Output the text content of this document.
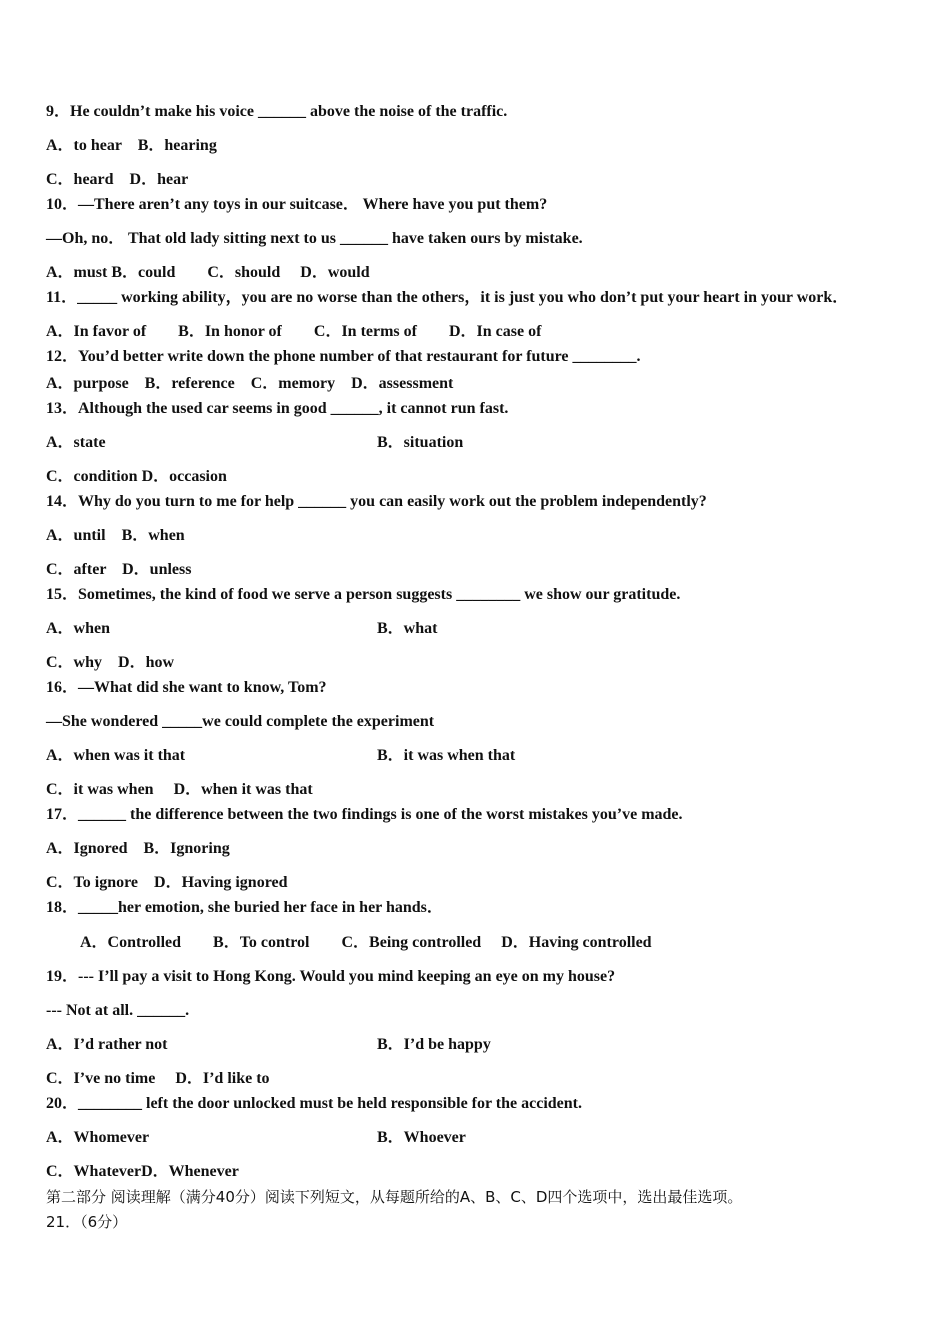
9．He couldn’t make his voice ______ above the noise of the traffic.
A．to hear　B．hearing
C．heard　D．hear
10．—There aren’t any toys in our suitcase． Where have you put them?
—Oh, no． That old lady sitting next to us ______ have taken ours by mistake.
A．must B．could　　C．should　 D．would
11．_____ working ability，you are no worse than the others，it is just you who don’t put your heart in your work．
A．In favor of　　B．In honor of　　C．In terms of　　D．In case of
12．You’d better write down the phone number of that restaurant for future ________.
A．purpose　B．reference　C．memory　D．assessment
13．Although the used car seems in good ______, it cannot run fast.
A．state	B．situation
C．condition D．occasion
14．Why do you turn to me for help ______ you can easily work out the problem independently?
A．until　B．when
C．after　D．unless
15．Sometimes, the kind of food we serve a person suggests ________ we show our gratitude.
A．when	B．what
C．why　D．how
16．—What did she want to know, Tom?
—She wondered _____we could complete the experiment
A．when was it that	B．it was when that
C．it was when　 D．when it was that
17．______ the difference between the two findings is one of the worst mistakes you’ve made.
A．Ignored　B．Ignoring
C．To ignore　D．Having ignored
18．_____her emotion, she buried her face in her hands．
A．Controlled　　B．To control　　C．Being controlled　 D．Having controlled
19．--- I’ll pay a visit to Hong Kong. Would you mind keeping an eye on my house?
--- Not at all. ______.
A．I’d rather not	B．I’d be happy
C．I’ve no time　 D．I’d like to
20．________ left the door unlocked must be held responsible for the accident.
A．Whomever	B．Whoever
C．WhateverD．Whenever
第二部分 阅读理解（满分40分）阅读下列短文，从每题所给的A、B、C、D四个选项中，选出最佳选项。
21．（6分）
